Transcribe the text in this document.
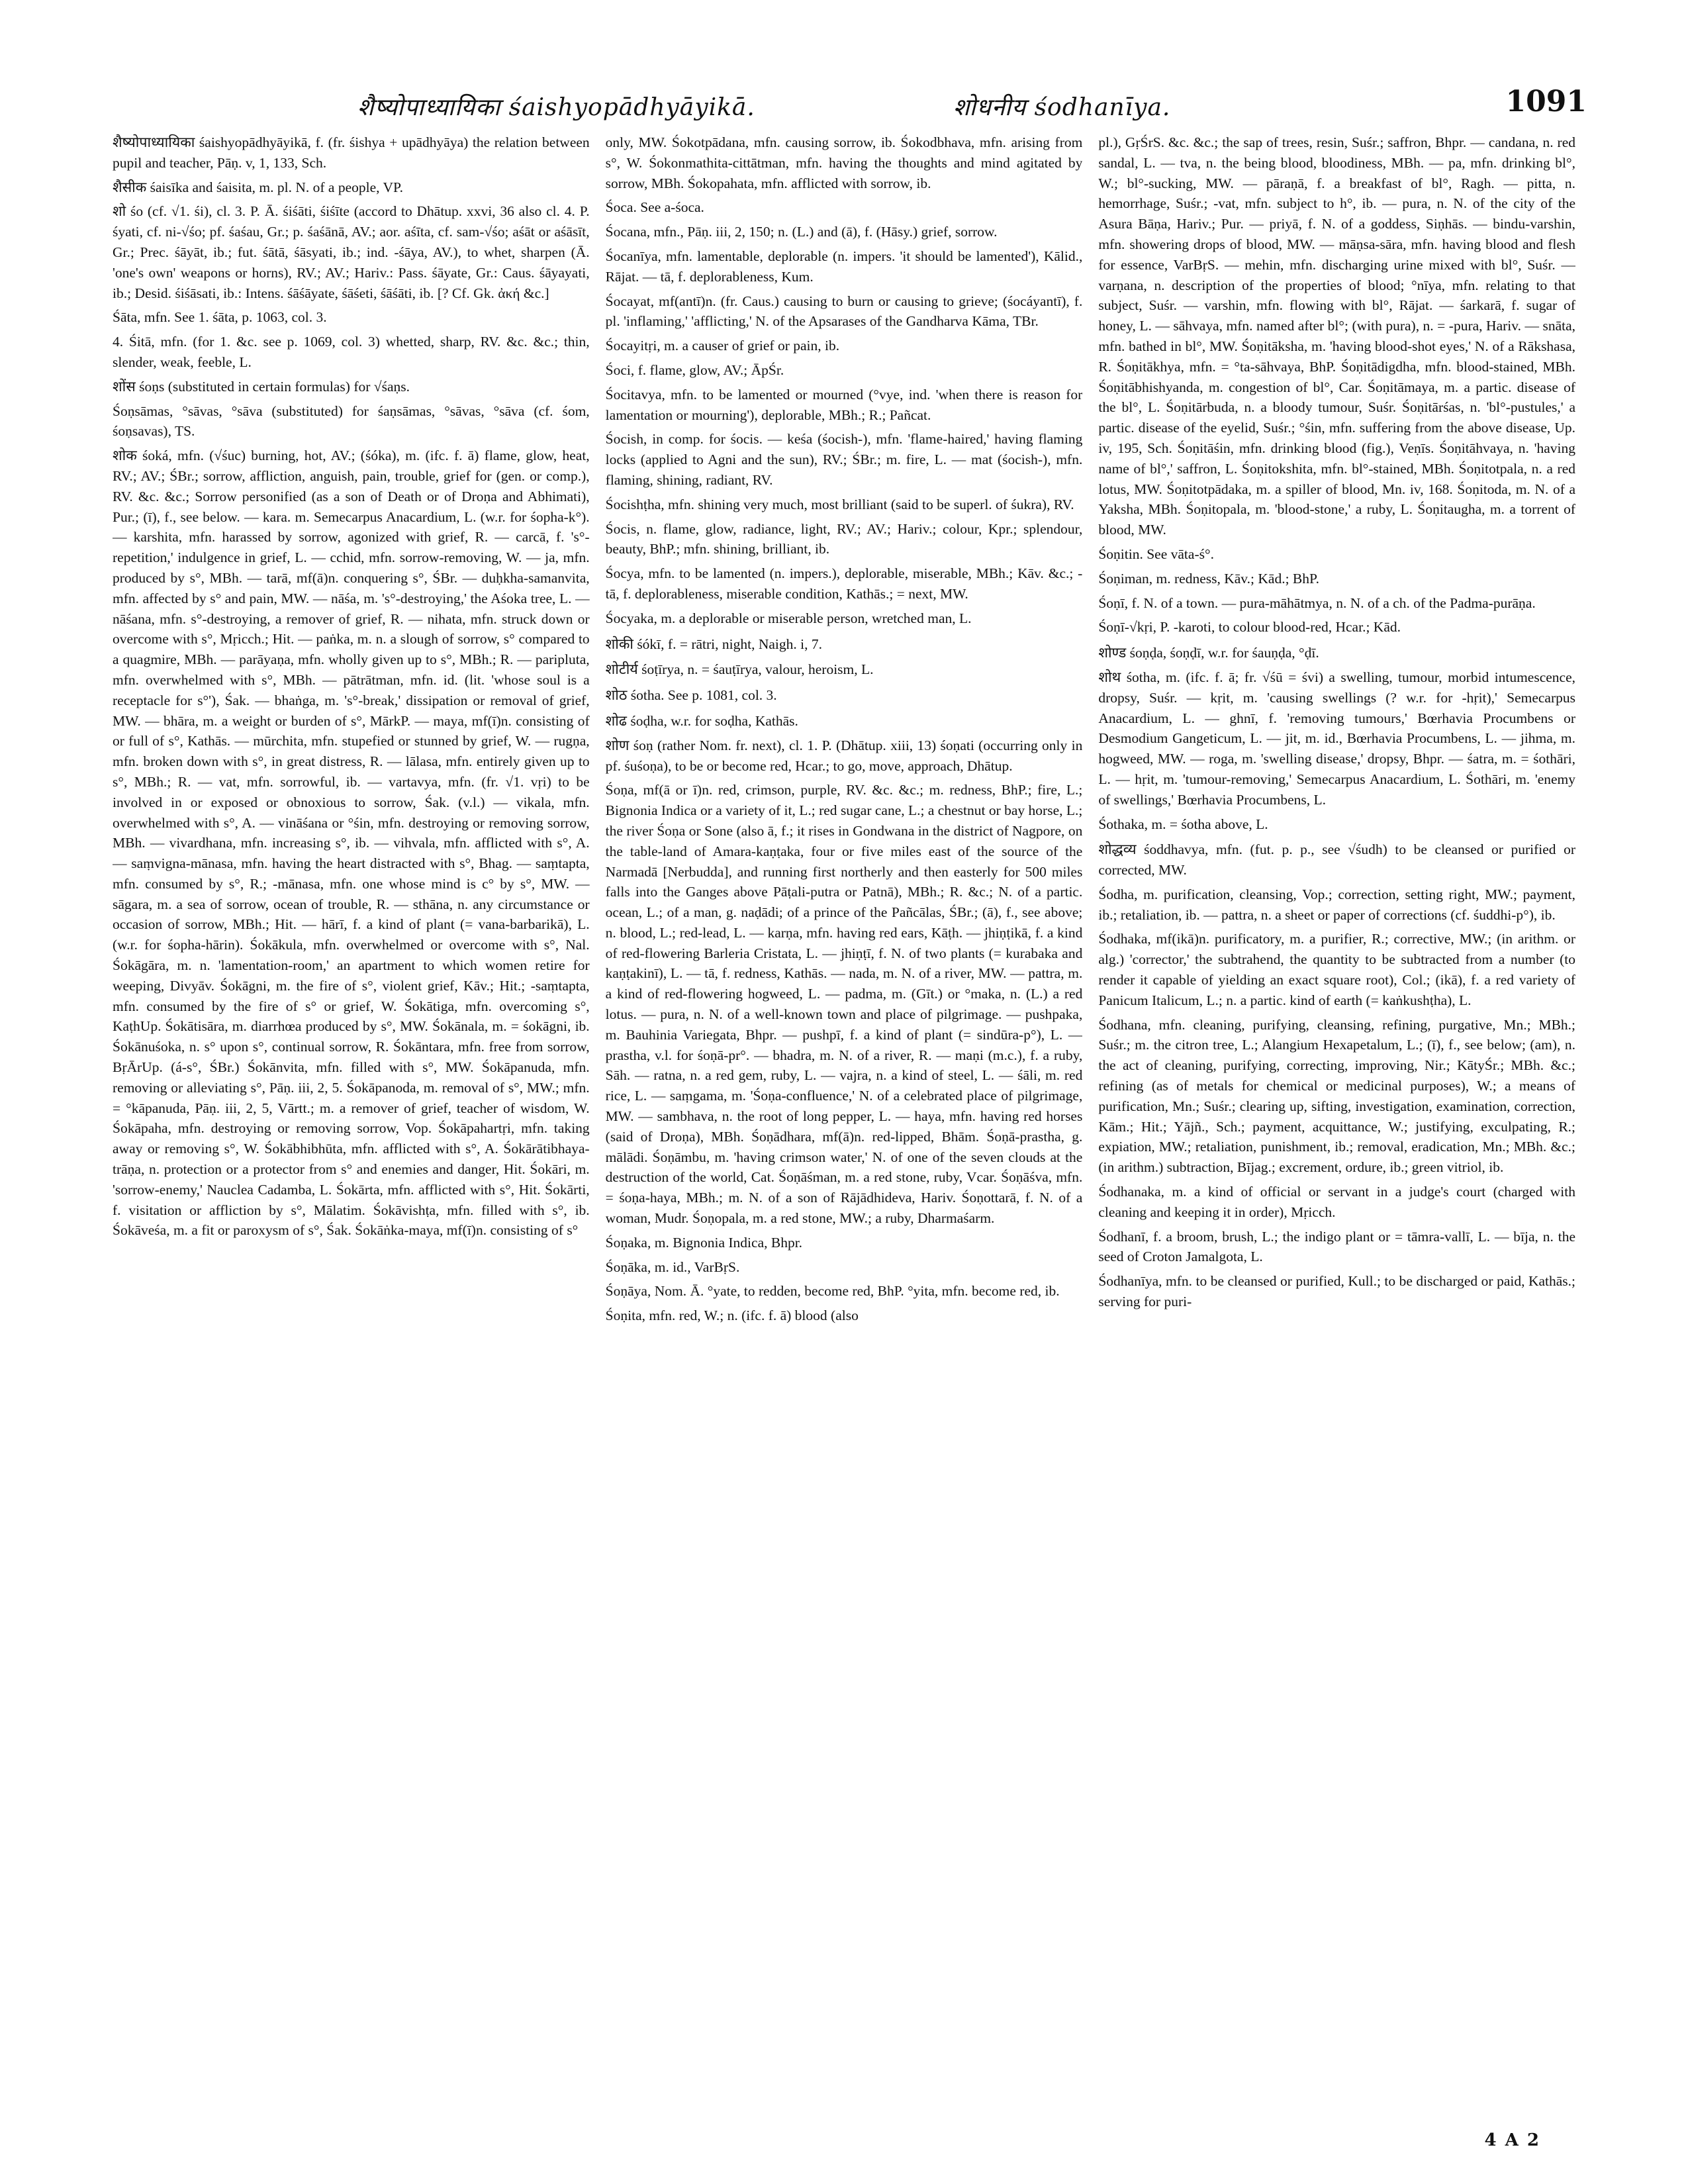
शैष्योपाध्यायिका śaishyopādhyāyikā.	शोधनीय śodhanīya.	1091

शैष्योपाध्यायिका śaishyopādhyāyikā, f. (fr. śishya + upādhyāya) the relation between pupil and teacher, Pāṇ. v, 1, 133, Sch.

शैसीक śaisīka and śaisita, m. pl. N. of a people, VP.

शो śo (cf. √1. śi), cl. 3. P. Ā. śiśāti, śiśīte (accord to Dhātup. xxvi, 36 also cl. 4. P. śyati, cf. ni-√śo; pf. śaśau, Gr.; p. śaśānā, AV.; aor. aśīta, cf. sam-√śo; aśāt or aśāsīt, Gr.; Prec. śāyāt, ib.; fut. śātā, śāsyati, ib.; ind. -śāya, AV.), to whet, sharpen (Ā. 'one's own' weapons or horns), RV.; AV.; Hariv.: Pass. śāyate, Gr.: Caus. śāyayati, ib.; Desid. śiśāsati, ib.: Intens. śāśāyate, śāśeti, śāśāti, ib. [? Cf. Gk. ἀκή &c.]

Śāta, mfn. See 1. śāta, p. 1063, col. 3.

4. Śitā, mfn. (for 1. &c. see p. 1069, col. 3) whetted, sharp, RV. &c. &c.; thin, slender, weak, feeble, L.

शोंस śoṇs (substituted in certain formulas) for √śaṇs.

Śoṇsāmas, °sāvas, °sāva (substituted) for śaṇsāmas, °sāvas, °sāva (cf. śom, śoṇsavas), TS.

शोक śoká, mfn. (√śuc) burning, hot, AV.; (śóka), m. (ifc. f. ā) flame, glow, heat, RV.; AV.; ŚBr.; sorrow, affliction, anguish, pain, trouble, grief for (gen. or comp.), RV. &c. &c.; Sorrow personified (as a son of Death or of Droṇa and Abhimati), Pur.; (ī), f., see below. — kara. m. Semecarpus Anacardium, L. (w.r. for śopha-k°). — karshita, mfn. harassed by sorrow, agonized with grief, R. — carcā, f. 's°-repetition,' indulgence in grief, L. — cchid, mfn. sorrow-removing, W. — ja, mfn. produced by s°, MBh. — tarā, mf(ā)n. conquering s°, ŚBr. — duḥkha-samanvita, mfn. affected by s° and pain, MW. — nāśa, m. 's°-destroying,' the Aśoka tree, L. — nāśana, mfn. s°-destroying, a remover of grief, R. — nihata, mfn. struck down or overcome with s°, Mṛicch.; Hit. — paṅka, m. n. a slough of sorrow, s° compared to a quagmire, MBh. — parāyaṇa, mfn. wholly given up to s°, MBh.; R. — paripluta, mfn. overwhelmed with s°, MBh. — pātrātman, mfn. id. (lit. 'whose soul is a receptacle for s°'), Śak. — bhaṅga, m. 's°-break,' dissipation or removal of grief, MW. — bhāra, m. a weight or burden of s°, MārkP. — maya, mf(ī)n. consisting of or full of s°, Kathās. — mūrchita, mfn. stupefied or stunned by grief, W. — rugṇa, mfn. broken down with s°, in great distress, R. — lālasa, mfn. entirely given up to s°, MBh.; R. — vat, mfn. sorrowful, ib. — vartavya, mfn. (fr. √1. vṛi) to be involved in or exposed or obnoxious to sorrow, Śak. (v.l.) — vikala, mfn. overwhelmed with s°, A. — vināśana or °śin, mfn. destroying or removing sorrow, MBh. — vivardhana, mfn. increasing s°, ib. — vihvala, mfn. afflicted with s°, A. — saṃvigna-mānasa, mfn. having the heart distracted with s°, Bhag. — saṃtapta, mfn. consumed by s°, R.; -mānasa, mfn. one whose mind is c° by s°, MW. — sāgara, m. a sea of sorrow, ocean of trouble, R. — sthāna, n. any circumstance or occasion of sorrow, MBh.; Hit. — hārī, f. a kind of plant (= vana-barbarikā), L. (w.r. for śopha-hārin). Śokākula, mfn. overwhelmed or overcome with s°, Nal. Śokāgāra, m. n. 'lamentation-room,' an apartment to which women retire for weeping, Divyāv. Śokāgni, m. the fire of s°, violent grief, Kāv.; Hit.; -saṃtapta, mfn. consumed by the fire of s° or grief, W. Śokātiga, mfn. overcoming s°, KaṭhUp. Śokātisāra, m. diarrhœa produced by s°, MW. Śokānala, m. = śokāgni, ib. Śokānuśoka, n. s° upon s°, continual sorrow, R. Śokāntara, mfn. free from sorrow, BṛĀrUp. (á-s°, ŚBr.) Śokānvita, mfn. filled with s°, MW. Śokāpanuda, mfn. removing or alleviating s°, Pāṇ. iii, 2, 5. Śokāpanoda, m. removal of s°, MW.; mfn. = °kāpanuda, Pāṇ. iii, 2, 5, Vārtt.; m. a remover of grief, teacher of wisdom, W. Śokāpaha, mfn. destroying or removing sorrow, Vop. Śokāpahartṛi, mfn. taking away or removing s°, W. Śokābhibhūta, mfn. afflicted with s°, A. Śokārātibhaya-trāṇa, n. protection or a protector from s° and enemies and danger, Hit. Śokāri, m. 'sorrow-enemy,' Nauclea Cadamba, L. Śokārta, mfn. afflicted with s°, Hit. Śokārti, f. visitation or affliction by s°, Mālatim. Śokāvishṭa, mfn. filled with s°, ib. Śokāveśa, m. a fit or paroxysm of s°, Śak. Śokāṅka-maya, mf(ī)n. consisting of s°

only, MW. Śokotpādana, mfn. causing sorrow, ib. Śokodbhava, mfn. arising from s°, W. Śokonmathita-cittātman, mfn. having the thoughts and mind agitated by sorrow, MBh. Śokopahata, mfn. afflicted with sorrow, ib.

Śoca. See a-śoca.

Śocana, mfn., Pāṇ. iii, 2, 150; n. (L.) and (ā), f. (Hāsy.) grief, sorrow.

Śocanīya, mfn. lamentable, deplorable (n. impers. 'it should be lamented'), Kālid., Rājat. — tā, f. deplorableness, Kum.

Śocayat, mf(antī)n. (fr. Caus.) causing to burn or causing to grieve; (śocáyantī), f. pl. 'inflaming,' 'afflicting,' N. of the Apsarases of the Gandharva Kāma, TBr.

Śocayitṛi, m. a causer of grief or pain, ib.

Śoci, f. flame, glow, AV.; ĀpŚr.

Śocitavya, mfn. to be lamented or mourned (°vye, ind. 'when there is reason for lamentation or mourning'), deplorable, MBh.; R.; Pañcat.

Śocish, in comp. for śocis. — keśa (śocish-), mfn. 'flame-haired,' having flaming locks (applied to Agni and the sun), RV.; ŚBr.; m. fire, L. — mat (śocish-), mfn. flaming, shining, radiant, RV.

Śocishṭha, mfn. shining very much, most brilliant (said to be superl. of śukra), RV.

Śocis, n. flame, glow, radiance, light, RV.; AV.; Hariv.; colour, Kpr.; splendour, beauty, BhP.; mfn. shining, brilliant, ib.

Śocya, mfn. to be lamented (n. impers.), deplorable, miserable, MBh.; Kāv. &c.; -tā, f. deplorableness, miserable condition, Kathās.; = next, MW.

Śocyaka, m. a deplorable or miserable person, wretched man, L.

शोकी śókī, f. = rātri, night, Naigh. i, 7.

शोटीर्य śoṭīrya, n. = śauṭīrya, valour, heroism, L.

शोठ śotha. See p. 1081, col. 3.

शोढ śoḍha, w.r. for soḍha, Kathās.

शोण śoṇ (rather Nom. fr. next), cl. 1. P. (Dhātup. xiii, 13) śoṇati (occurring only in pf. śuśoṇa), to be or become red, Hcar.; to go, move, approach, Dhātup.

Śoṇa, mf(ā or ī)n. red, crimson, purple, RV. &c. &c.; m. redness, BhP.; fire, L.; Bignonia Indica or a variety of it, L.; red sugar cane, L.; a chestnut or bay horse, L.; the river Śoṇa or Sone (also ā, f.; it rises in Gondwana in the district of Nagpore, on the table-land of Amara-kaṇṭaka, four or five miles east of the source of the Narmadā [Nerbudda], and running first northerly and then easterly for 500 miles falls into the Ganges above Pāṭali-putra or Patnā), MBh.; R. &c.; N. of a partic. ocean, L.; of a man, g. naḍādi; of a prince of the Pañcālas, ŚBr.; (ā), f., see above; n. blood, L.; red-lead, L. — karṇa, mfn. having red ears, Kāṭh. — jhiṇṭikā, f. a kind of red-flowering Barleria Cristata, L. — jhiṇṭī, f. N. of two plants (= kurabaka and kaṇṭakinī), L. — tā, f. redness, Kathās. — nada, m. N. of a river, MW. — pattra, m. a kind of red-flowering hogweed, L. — padma, m. (Gīt.) or °maka, n. (L.) a red lotus. — pura, n. N. of a well-known town and place of pilgrimage. — pushpaka, m. Bauhinia Variegata, Bhpr. — pushpī, f. a kind of plant (= sindūra-p°), L. — prastha, v.l. for śoṇā-pr°. — bhadra, m. N. of a river, R. — maṇi (m.c.), f. a ruby, Sāh. — ratna, n. a red gem, ruby, L. — vajra, n. a kind of steel, L. — śāli, m. red rice, L. — saṃgama, m. 'Śoṇa-confluence,' N. of a celebrated place of pilgrimage, MW. — sambhava, n. the root of long pepper, L. — haya, mfn. having red horses (said of Droṇa), MBh. Śoṇādhara, mf(ā)n. red-lipped, Bhām. Śoṇā-prastha, g. mālādi. Śoṇāmbu, m. 'having crimson water,' N. of one of the seven clouds at the destruction of the world, Cat. Śoṇāśman, m. a red stone, ruby, Vcar. Śoṇāśva, mfn. = śoṇa-haya, MBh.; m. N. of a son of Rājādhideva, Hariv. Śoṇottarā, f. N. of a woman, Mudr. Śoṇopala, m. a red stone, MW.; a ruby, Dharmaśarm.

Śoṇaka, m. Bignonia Indica, Bhpr.

Śoṇāka, m. id., VarBṛS.

Śoṇāya, Nom. Ā. °yate, to redden, become red, BhP. °yita, mfn. become red, ib.

Śoṇita, mfn. red, W.; n. (ifc. f. ā) blood (also

pl.), GṛŚrS. &c. &c.; the sap of trees, resin, Suśr.; saffron, Bhpr. — candana, n. red sandal, L. — tva, n. the being blood, bloodiness, MBh. — pa, mfn. drinking bl°, W.; bl°-sucking, MW. — pāraṇā, f. a breakfast of bl°, Ragh. — pitta, n. hemorrhage, Suśr.; -vat, mfn. subject to h°, ib. — pura, n. N. of the city of the Asura Bāṇa, Hariv.; Pur. — priyā, f. N. of a goddess, Siṇhās. — bindu-varshin, mfn. showering drops of blood, MW. — māṇsa-sāra, mfn. having blood and flesh for essence, VarBṛS. — mehin, mfn. discharging urine mixed with bl°, Suśr. — varṇana, n. description of the properties of blood; °nīya, mfn. relating to that subject, Suśr. — varshin, mfn. flowing with bl°, Rājat. — śarkarā, f. sugar of honey, L. — sāhvaya, mfn. named after bl°; (with pura), n. = -pura, Hariv. — snāta, mfn. bathed in bl°, MW. Śoṇitāksha, m. 'having blood-shot eyes,' N. of a Rākshasa, R. Śoṇitākhya, mfn. = °ta-sāhvaya, BhP. Śoṇitādigdha, mfn. blood-stained, MBh. Śoṇitābhishyanda, m. congestion of bl°, Car. Śoṇitāmaya, m. a partic. disease of the bl°, L. Śoṇitārbuda, n. a bloody tumour, Suśr. Śoṇitārśas, n. 'bl°-pustules,' a partic. disease of the eyelid, Suśr.; °śin, mfn. suffering from the above disease, Up. iv, 195, Sch. Śoṇitāśin, mfn. drinking blood (fig.), Veṇīs. Śoṇitāhvaya, n. 'having name of bl°,' saffron, L. Śoṇitokshita, mfn. bl°-stained, MBh. Śoṇitotpala, n. a red lotus, MW. Śoṇitotpādaka, m. a spiller of blood, Mn. iv, 168. Śoṇitoda, m. N. of a Yaksha, MBh. Śoṇitopala, m. 'blood-stone,' a ruby, L. Śoṇitaugha, m. a torrent of blood, MW.

Śoṇitin. See vāta-ś°.

Śoṇiman, m. redness, Kāv.; Kād.; BhP.

Śoṇī, f. N. of a town. — pura-māhātmya, n. N. of a ch. of the Padma-purāṇa.

Śoṇī-√kṛi, P. -karoti, to colour blood-red, Hcar.; Kād.

शोण्ड śoṇḍa, śoṇḍī, w.r. for śauṇḍa, °ḍī.

शोथ śotha, m. (ifc. f. ā; fr. √śū = śvi) a swelling, tumour, morbid intumescence, dropsy, Suśr. — kṛit, m. 'causing swellings (? w.r. for -hṛit),' Semecarpus Anacardium, L. — ghnī, f. 'removing tumours,' Bœrhavia Procumbens or Desmodium Gangeticum, L. — jit, m. id., Bœrhavia Procumbens, L. — jihma, m. hogweed, MW. — roga, m. 'swelling disease,' dropsy, Bhpr. — śatra, m. = śothāri, L. — hṛit, m. 'tumour-removing,' Semecarpus Anacardium, L. Śothāri, m. 'enemy of swellings,' Bœrhavia Procumbens, L.

Śothaka, m. = śotha above, L.

शोद्धव्य śoddhavya, mfn. (fut. p. p., see √śudh) to be cleansed or purified or corrected, MW.

Śodha, m. purification, cleansing, Vop.; correction, setting right, MW.; payment, ib.; retaliation, ib. — pattra, n. a sheet or paper of corrections (cf. śuddhi-p°), ib.

Śodhaka, mf(ikā)n. purificatory, m. a purifier, R.; corrective, MW.; (in arithm. or alg.) 'corrector,' the subtrahend, the quantity to be subtracted from a number (to render it capable of yielding an exact square root), Col.; (ikā), f. a red variety of Panicum Italicum, L.; n. a partic. kind of earth (= kaṅkushṭha), L.

Śodhana, mfn. cleaning, purifying, cleansing, refining, purgative, Mn.; MBh.; Suśr.; m. the citron tree, L.; Alangium Hexapetalum, L.; (ī), f., see below; (am), n. the act of cleaning, purifying, correcting, improving, Nir.; KātyŚr.; MBh. &c.; refining (as of metals for chemical or medicinal purposes), W.; a means of purification, Mn.; Suśr.; clearing up, sifting, investigation, examination, correction, Kām.; Hit.; Yājñ., Sch.; payment, acquittance, W.; justifying, exculpating, R.; expiation, MW.; retaliation, punishment, ib.; removal, eradication, Mn.; MBh. &c.; (in arithm.) subtraction, Bījag.; excrement, ordure, ib.; green vitriol, ib.

Śodhanaka, m. a kind of official or servant in a judge's court (charged with cleaning and keeping it in order), Mṛicch.

Śodhanī, f. a broom, brush, L.; the indigo plant or = tāmra-vallī, L. — bīja, n. the seed of Croton Jamalgota, L.

Śodhanīya, mfn. to be cleansed or purified, Kull.; to be discharged or paid, Kathās.; serving for puri-

4 A 2
